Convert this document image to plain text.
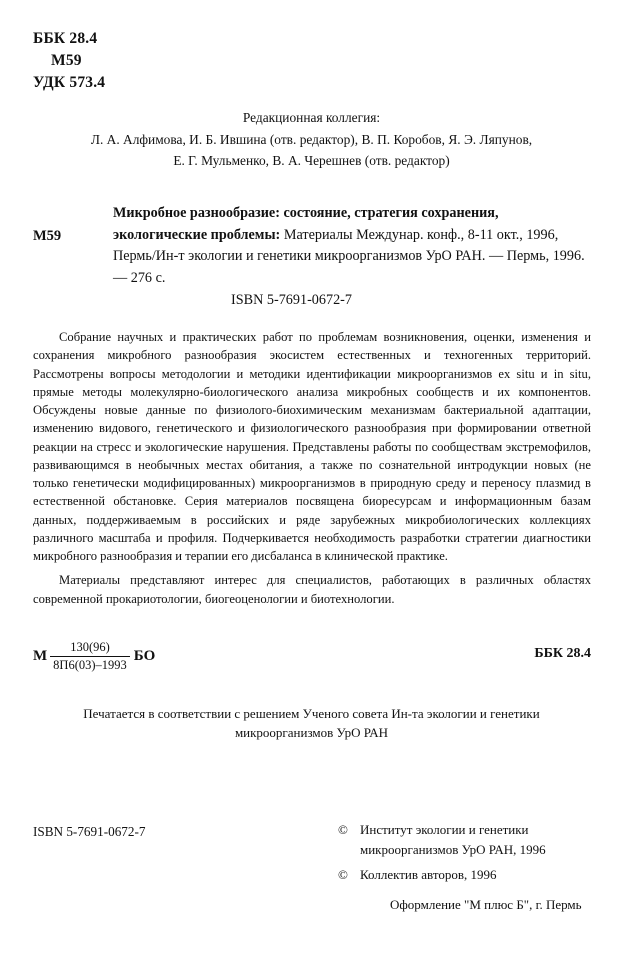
ББК 28.4
М59
УДК 573.4
Редакционная коллегия:
Л. А. Алфимова, И. Б. Ившина (отв. редактор), В. П. Коробов, Я. Э. Ляпунов,
Е. Г. Мульменко, В. А. Черешнев (отв. редактор)
М59
Микробное разнообразие: состояние, стратегия сохранения, экологические проблемы: Материалы Междунар. конф., 8-11 окт., 1996, Пермь/Ин-т экологии и генетики микроорганизмов УрО РАН. — Пермь, 1996. — 276 с.
ISBN 5-7691-0672-7

Собрание научных и практических работ по проблемам возникновения, оценки, изменения и сохранения микробного разнообразия экосистем естественных и техногенных территорий. Рассмотрены вопросы методологии и методики идентификации микроорганизмов ex situ и in situ, прямые методы молекулярно-биологического анализа микробных сообществ и их компонентов. Обсуждены новые данные по физиолого-биохимическим механизмам бактериальной адаптации, изменению видового, генетического и физиологического разнообразия при формировании ответной реакции на стресс и экологические нарушения. Представлены работы по сообществам экстремофилов, развивающимся в необычных местах обитания, а также по сознательной интродукции новых (не только генетически модифицированных) микроорганизмов в природную среду и переносу плазмид в естественной обстановке. Серия материалов посвящена биоресурсам и информационным базам данных, поддерживаемым в российских и ряде зарубежных микробиологических коллекциях различного масштаба и профиля. Подчеркивается необходимость разработки стратегии диагностики микробного разнообразия и терапии его дисбаланса в клинической практике.

Материалы представляют интерес для специалистов, работающих в различных областях современной прокариотологии, биогеоценологии и биотехнологии.

М $\frac{130(96)}{8П6(03)-1993}$ БО	ББК 28.4
Печатается в соответствии с решением Ученого совета Ин-та экологии и генетики
микроорганизмов УрО РАН
ISBN 5-7691-0672-7	© Институт экологии и генетики
микроорганизмов УрО РАН, 1996
© Коллектив авторов, 1996
Оформление "М плюс Б", г. Пермь
